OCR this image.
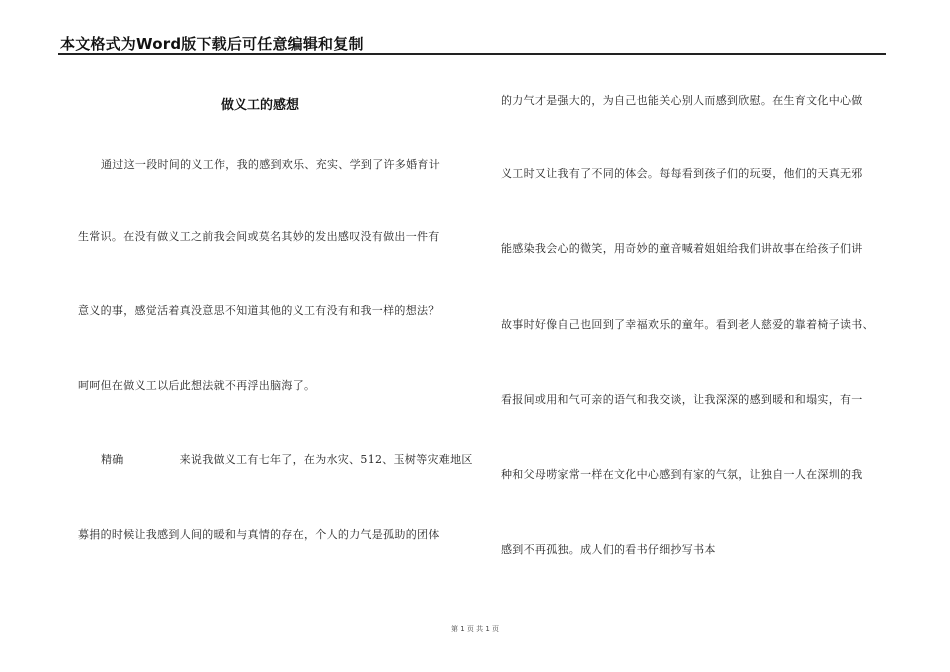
本文格式为Word版下载后可任意编辑和复制
做义工的感想
通过这一段时间的义工作，我的感到欢乐、充实、学到了许多婚育计
生常识。在没有做义工之前我会间或莫名其妙的发出感叹没有做出一件有
意义的事，感觉活着真没意思不知道其他的义工有没有和我一样的想法？
呵呵但在做义工以后此想法就不再浮出脑海了。
精确	来说我做义工有七年了，在为水灾、512、玉树等灾难地区
募捐的时候让我感到人间的暖和与真情的存在，个人的力气是孤助的团体
的力气才是强大的，为自己也能关心别人而感到欣慰。在生育文化中心做
义工时又让我有了不同的体会。每每看到孩子们的玩耍，他们的天真无邪
能感染我会心的微笑，用奇妙的童音喊着姐姐给我们讲故事在给孩子们讲
故事时好像自己也回到了幸福欢乐的童年。看到老人慈爱的靠着椅子读书、
看报间或用和气可亲的语气和我交谈，让我深深的感到暖和和塌实，有一
种和父母唠家常一样在文化中心感到有家的气氛，让独自一人在深圳的我
感到不再孤独。成人们的看书仔细抄写书本
第 1 页 共 1 页
